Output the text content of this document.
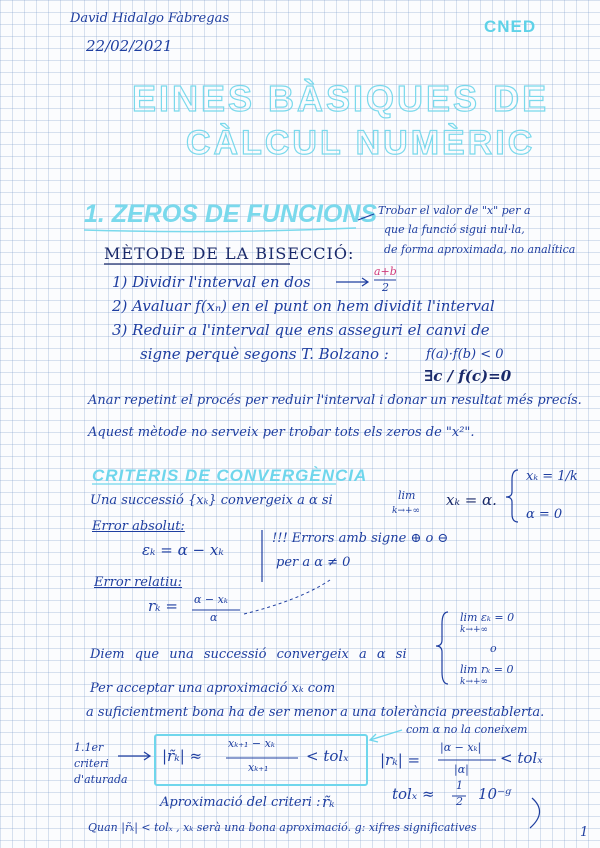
David Hidalgo Fàbregas
22/02/2021
CNED
EINES BÀSIQUES DE
CÀLCUL NUMÈRIC
1. ZEROS DE FUNCIONS Trobar el valor de "x" per a
que la funció sigui nul·la,
de forma aproximada, no analítica
MÈTODE DE LA BISECCIÓ:
1) Dividir l'interval en dos
a+b
2
2) Avaluar f(xₙ) en el punt on hem dividit l'interval
3) Reduir a l'interval que ens asseguri el canvi de
signe perquè segons T. Bolzano :	f(a)·f(b) < 0
∃c / f(c)=0
Anar repetint el procés per reduir l'interval i donar un resultat més precís.
Aquest mètode no serveix per trobar tots els zeros de "x²".
CRITERIS DE CONVERGÈNCIA
Una successió {xₖ} convergeix a α si	lim
k→+∞
xₖ = α.
xₖ = 1/k
α = 0
Error absolut:
εₖ = α − xₖ
Error relatiu:
rₖ = α − xₖ
α
!!! Errors amb signe ⊕ o ⊖
per a α ≠ 0
lim εₖ = 0
k→+∞
o
lim rₖ = 0
k→+∞
Diem que una successió convergeix a α si
Per acceptar una aproximació xₖ com
a suficientment bona ha de ser menor a una tolerància preestablerta.
1.1er
criteri
d'aturada
|r̃ₖ| ≈
xₖ₊₁ − xₖ
xₖ₊₁
< tolₓ
com α no la coneixem
|rₖ| =
|α − xₖ|
|α|
< tolₓ
tolₓ ≈ 1
2 10⁻ᵍ
Aproximació del criteri : r̃ₖ
Quan |r̃ₖ| < tolₓ , xₖ serà una bona aproximació. g: xifres significatives	1
